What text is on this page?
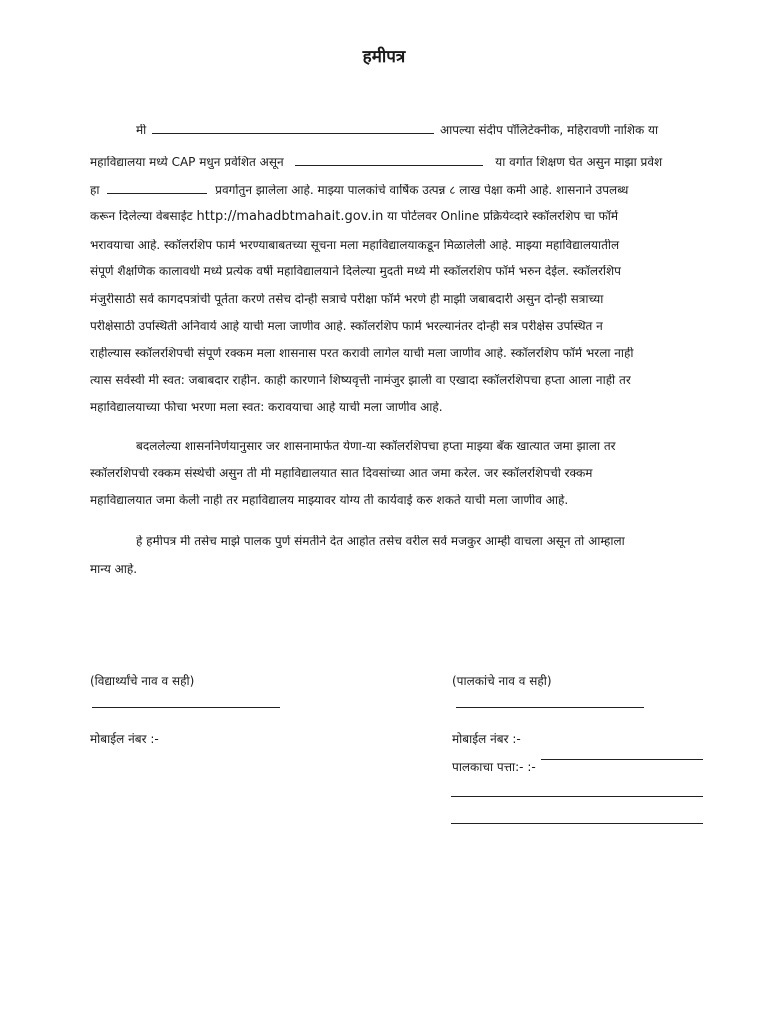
हमीपत्र
मी	आपल्या संदीप पॉलिटेक्नीक, महिरावणी नाशिक या
महाविद्यालया मध्ये CAP मधुन प्रवेशित असून	या वर्गात शिक्षण घेत असुन माझा प्रवेश
हा	प्रवर्गातुन झालेला आहे. माझ्या पालकांचे वार्षिक उत्पन्न ८ लाख पेक्षा कमी आहे. शासनाने उपलब्ध
करून दिलेल्या वेबसाईट http://mahadbtmahait.gov.in या पोर्टलवर Online प्रक्रियेव्दारे स्कॉलरशिप चा फॉर्म
भरावयाचा आहे. स्कॉलरशिप फार्म भरण्याबाबतच्या सूचना मला महाविद्यालयाकडून मिळालेली आहे. माझ्या महाविद्यालयातील
संपूर्ण शैक्षणिक कालावधी मध्ये प्रत्येक वर्षी महाविद्यालयाने दिलेल्या मुदती मध्ये मी स्कॉलरशिप फॉर्म भरुन देईल. स्कॉलरशिप
मंजुरीसाठी सर्व कागदपत्रांची पूर्तता करणे तसेच दोन्ही सत्राचे परीक्षा फॉर्म भरणे ही माझी जबाबदारी असुन दोन्ही सत्राच्या
परीक्षेसाठी उपस्थिती अनिवार्य आहे याची मला जाणीव आहे. स्कॉलरशिप फार्म भरल्यानंतर दोन्ही सत्र परीक्षेस उपस्थित न
राहील्यास स्कॉलरशिपची संपूर्ण रक्कम मला शासनास परत करावी लागेल याची मला जाणीव आहे. स्कॉलरशिप फॉर्म भरला नाही
त्यास सर्वस्वी मी स्वत: जबाबदार राहीन. काही कारणाने शिष्यवृत्ती नामंजुर झाली वा एखादा स्कॉलरशिपचा हप्ता आला नाही तर
महाविद्यालयाच्या फीचा भरणा मला स्वत: करावयाचा आहे याची मला जाणीव आहे.
बदललेल्या शासननिर्णयानुसार जर शासनामार्फत येणा-या स्कॉलरशिपचा हप्ता माझ्या बँक खात्यात जमा झाला तर
स्कॉलरशिपची रक्कम संस्थेची असुन ती मी महाविद्यालयात सात दिवसांच्या आत जमा करेल. जर स्कॉलरशिपची रक्कम
महाविद्यालयात जमा केली नाही तर महाविद्यालय माझ्यावर योग्य ती कार्यवाई करु शकते याची मला जाणीव आहे.
हे हमीपत्र मी तसेच माझे पालक पुर्ण संमतीने देत आहोत तसेच वरील सर्व मजकुर आम्ही वाचला असून तो आम्हाला
मान्य आहे.
(विद्यार्थ्यांचे नाव व सही)
मोबाईल नंबर :-
(पालकांचे नाव व सही)
मोबाईल नंबर :-
पालकाचा पत्ता:- :-
